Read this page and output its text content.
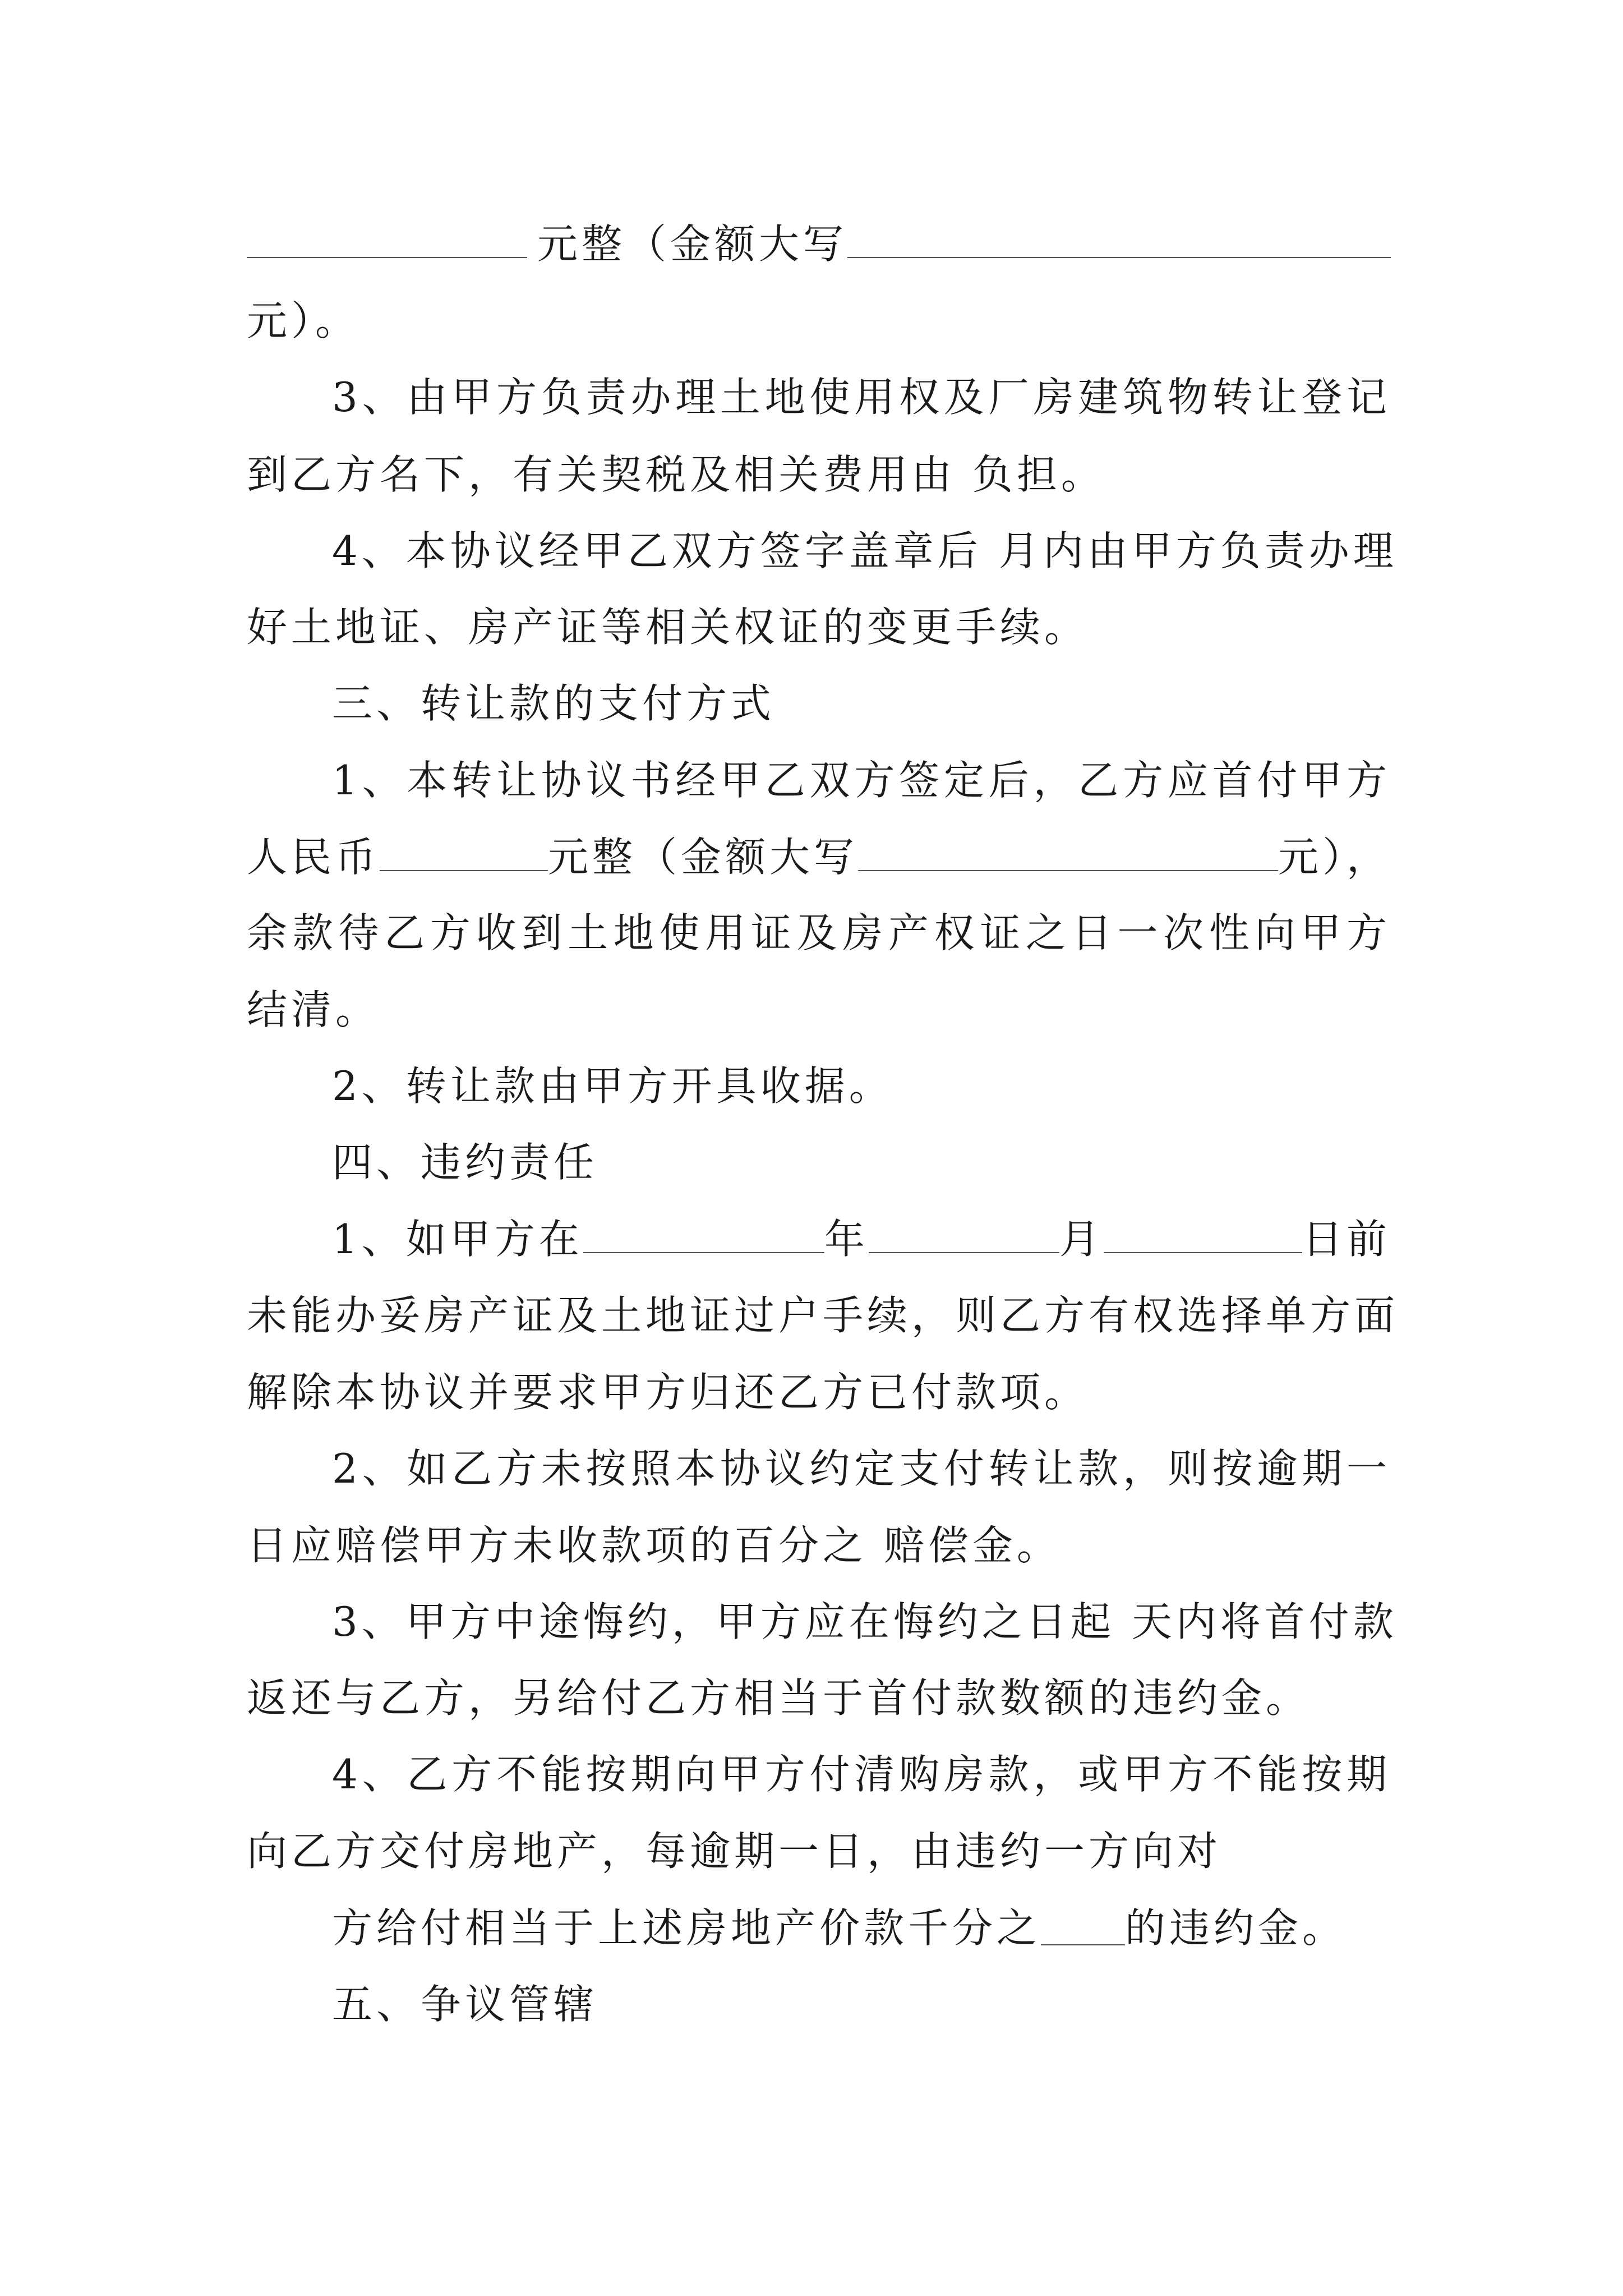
元整（金额大写
元）。
3、由甲方负责办理土地使用权及厂房建筑物转让登记
到乙方名下，有关契税及相关费用由 负担。
4、本协议经甲乙双方签字盖章后 月内由甲方负责办理
好土地证、房产证等相关权证的变更手续。
三、转让款的支付方式
1、本转让协议书经甲乙双方签定后，乙方应首付甲方
人民币	元整（金额大写	元），
余款待乙方收到土地使用证及房产权证之日一次性向甲方
结清。
2、转让款由甲方开具收据。
四、违约责任
1、如甲方在	年	月	日前
未能办妥房产证及土地证过户手续，则乙方有权选择单方面
解除本协议并要求甲方归还乙方已付款项。
2、如乙方未按照本协议约定支付转让款，则按逾期一
日应赔偿甲方未收款项的百分之 赔偿金。
3、甲方中途悔约，甲方应在悔约之日起 天内将首付款
返还与乙方，另给付乙方相当于首付款数额的违约金。
4、乙方不能按期向甲方付清购房款，或甲方不能按期
向乙方交付房地产，每逾期一日，由违约一方向对
方给付相当于上述房地产价款千分之 的违约金。
五、争议管辖
